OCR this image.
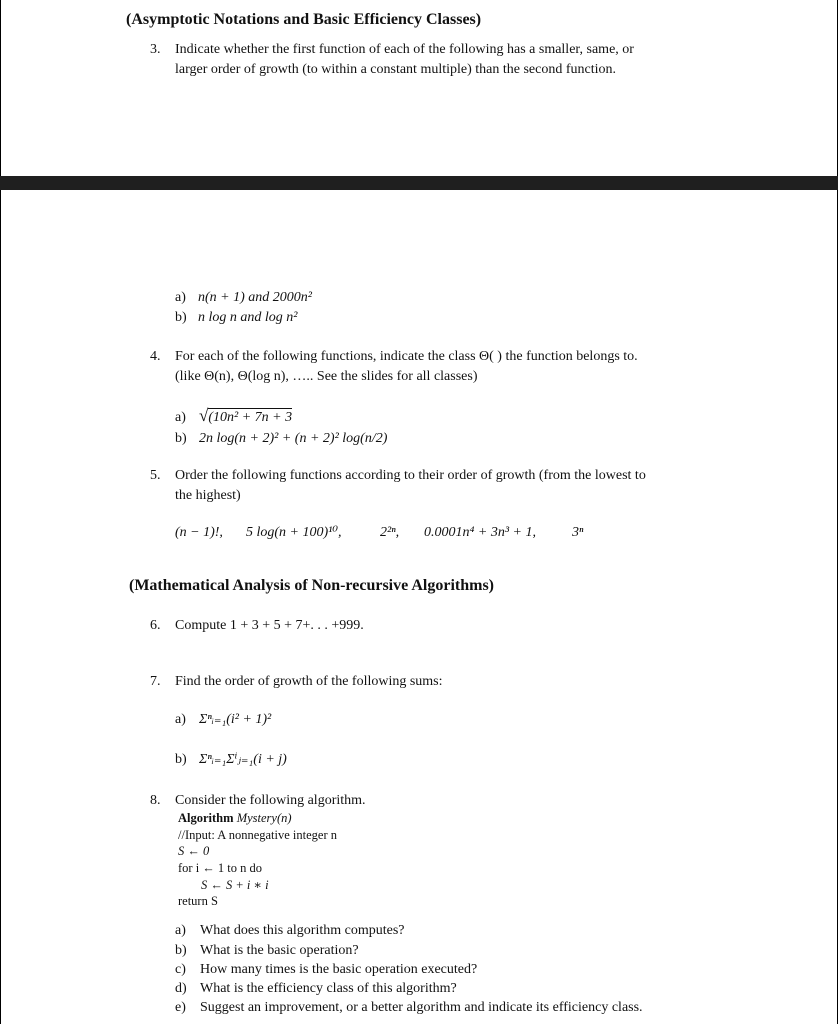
(Asymptotic Notations and Basic Efficiency Classes)
3. Indicate whether the first function of each of the following has a smaller, same, or
larger order of growth (to within a constant multiple) than the second function.
a) n(n + 1) and 2000n²
b) n log n and log n²
4. For each of the following functions, indicate the class Θ( ) the function belongs to.
(like Θ(n), Θ(log n), ….. See the slides for all classes)
a) √(10n² + 7n + 3
b) 2n log(n + 2)² + (n + 2)² log(n/2)
5. Order the following functions according to their order of growth (from the lowest to
the highest)
(n − 1)!, 5 log(n + 100)¹⁰,	2²ⁿ, 0.0001n⁴ + 3n³ + 1,	3ⁿ
(Mathematical Analysis of Non-recursive Algorithms)
6. Compute 1 + 3 + 5 + 7+. . . +999.
7. Find the order of growth of the following sums:
a) Σⁿᵢ₌₁(i² + 1)²
b) Σⁿᵢ₌₁Σⁱⱼ₌₁(i + j)
8. Consider the following algorithm.
Algorithm Mystery(n)
//Input: A nonnegative integer n
S ← 0
for i ← 1 to n do
S ← S + i ∗ i
return S
a) What does this algorithm computes?
b) What is the basic operation?
c) How many times is the basic operation executed?
d) What is the efficiency class of this algorithm?
e) Suggest an improvement, or a better algorithm and indicate its efficiency class.
